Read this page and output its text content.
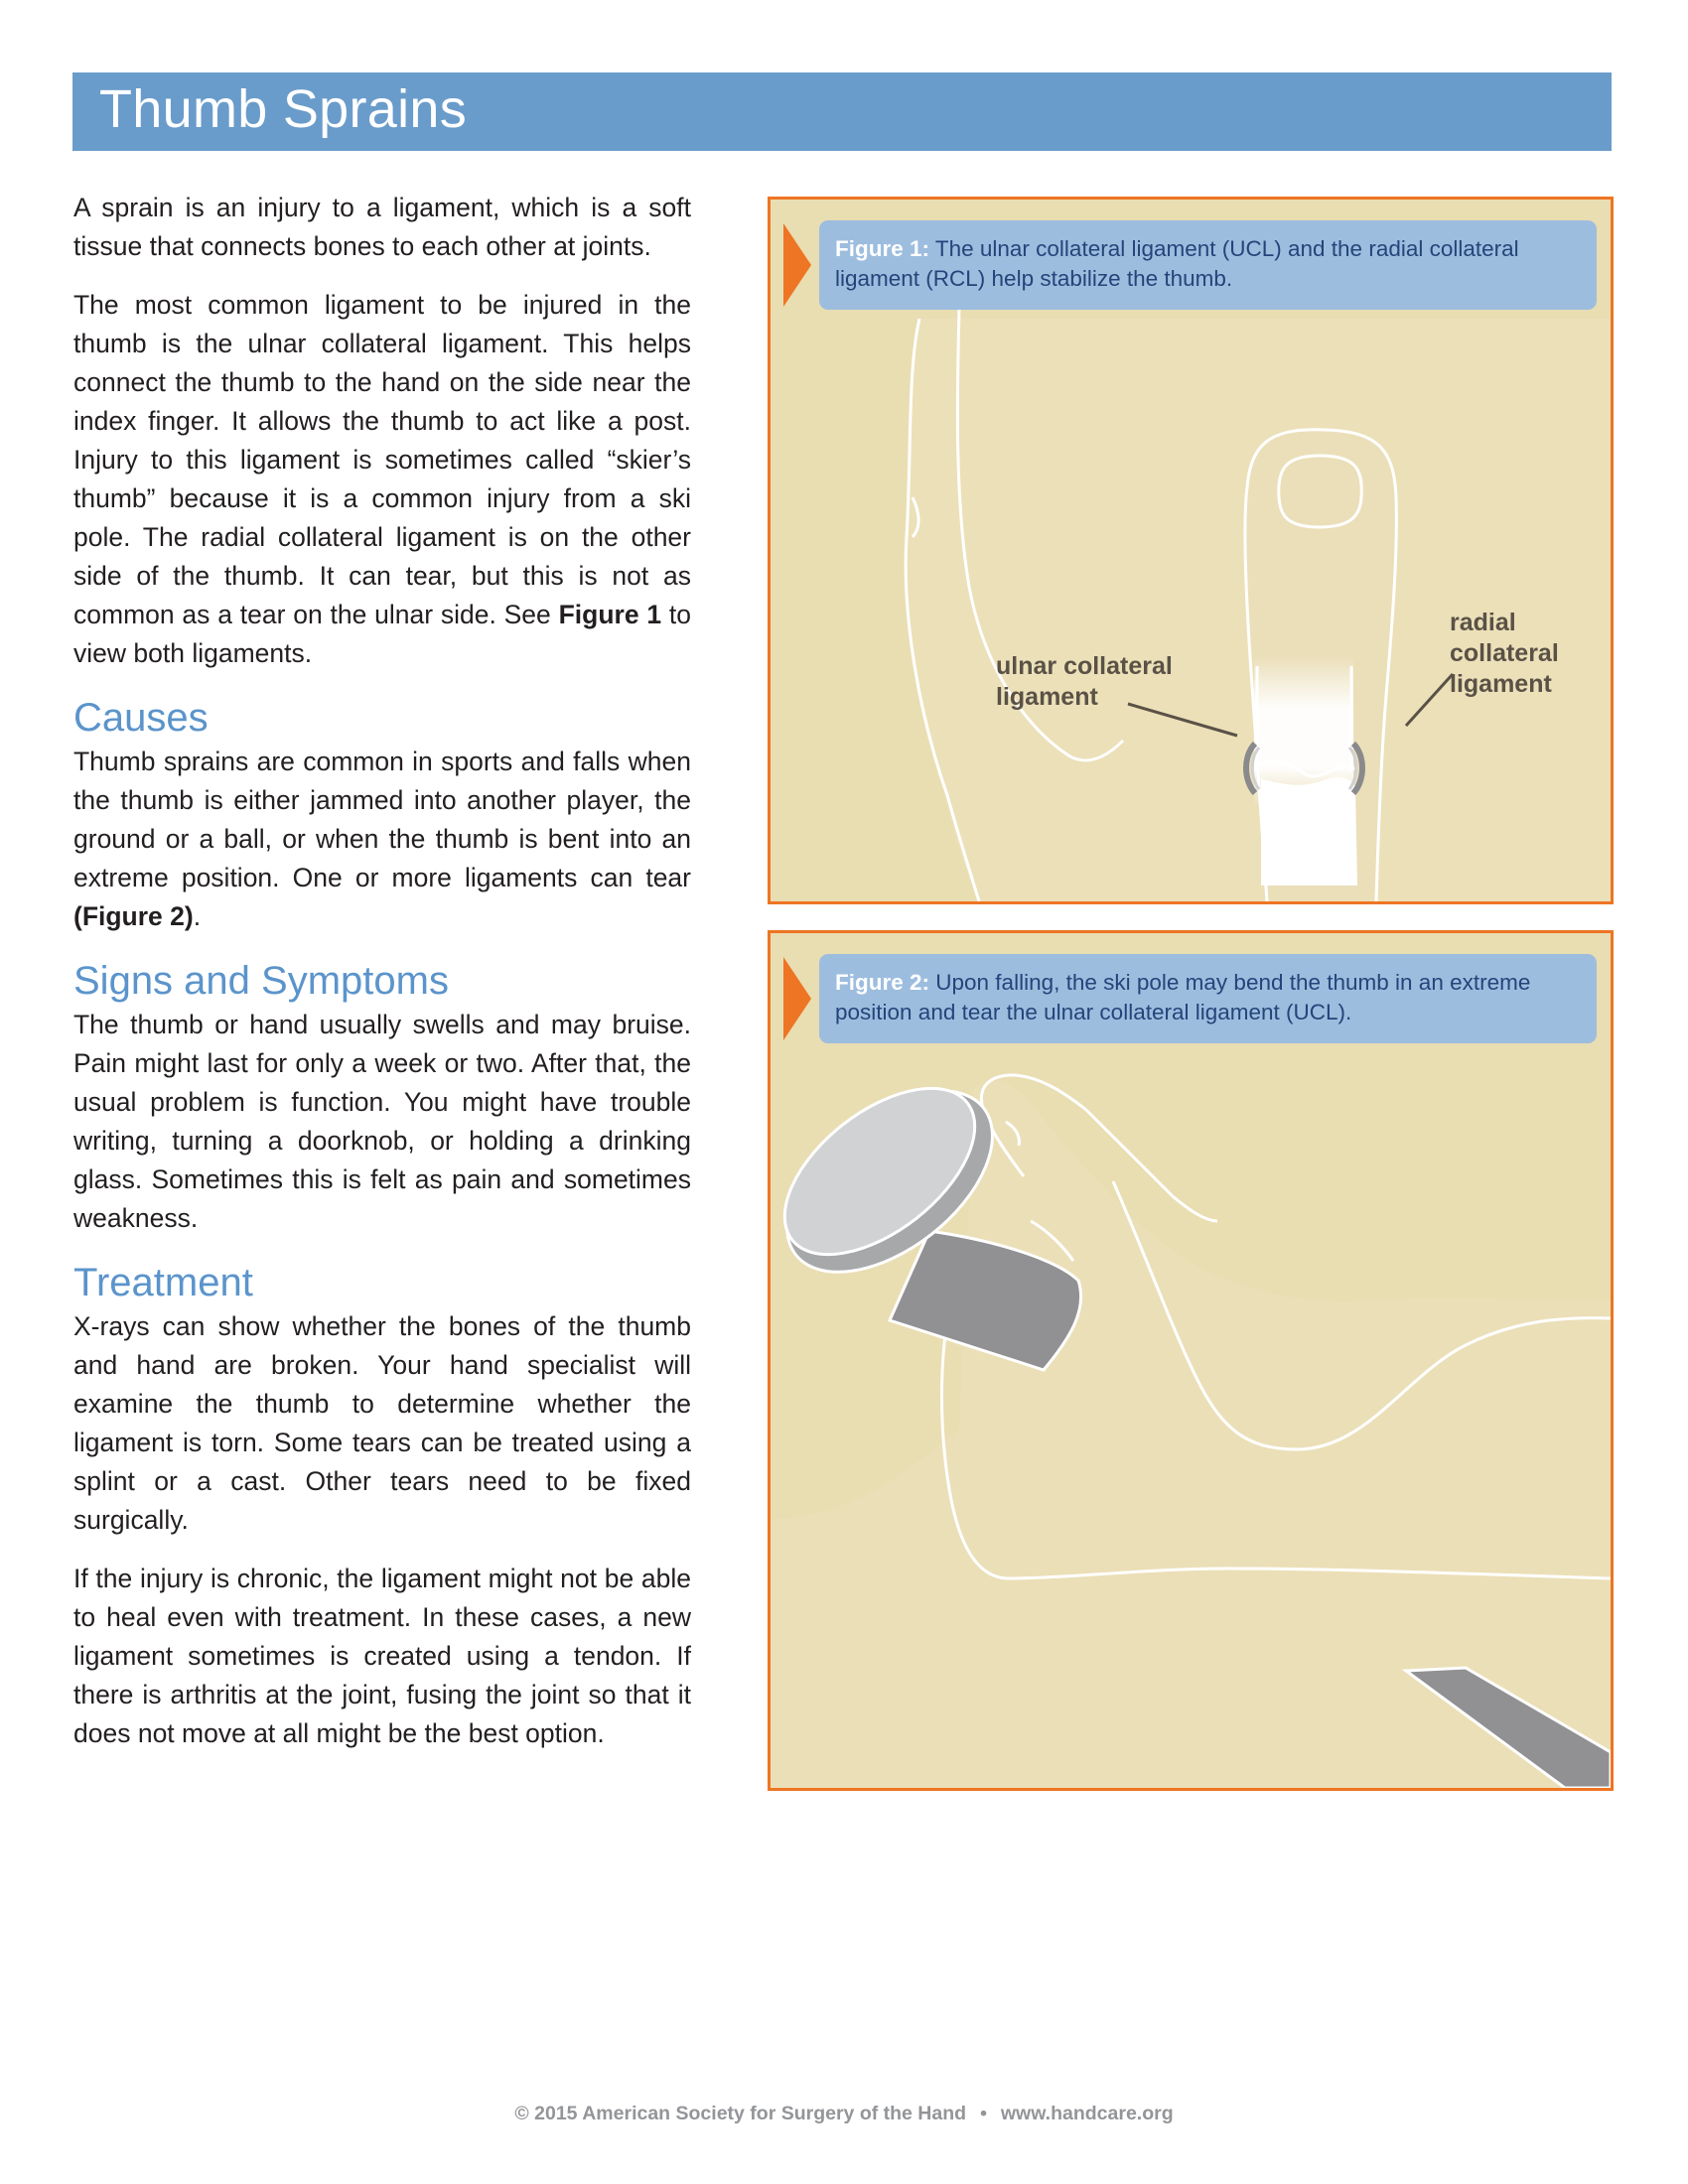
Thumb Sprains

A sprain is an injury to a ligament, which is a soft tissue that connects bones to each other at joints.

The most common ligament to be injured in the thumb is the ulnar collateral ligament. This helps connect the thumb to the hand on the side near the index finger. It allows the thumb to act like a post. Injury to this ligament is sometimes called “skier’s thumb” because it is a common injury from a ski pole. The radial collateral ligament is on the other side of the thumb. It can tear, but this is not as common as a tear on the ulnar side. See Figure 1 to view both ligaments.

Causes

Thumb sprains are common in sports and falls when the thumb is either jammed into another player, the ground or a ball, or when the thumb is bent into an extreme position. One or more ligaments can tear (Figure 2).

Signs and Symptoms

The thumb or hand usually swells and may bruise. Pain might last for only a week or two. After that, the usual problem is function. You might have trouble writing, turning a doorknob, or holding a drinking glass. Sometimes this is felt as pain and sometimes weakness.

Treatment

X-rays can show whether the bones of the thumb and hand are broken. Your hand specialist will examine the thumb to determine whether the ligament is torn. Some tears can be treated using a splint or a cast. Other tears need to be fixed surgically.

If the injury is chronic, the ligament might not be able to heal even with treatment. In these cases, a new ligament sometimes is created using a tendon. If there is arthritis at the joint, fusing the joint so that it does not move at all might be the best option.

Figure 1: The ulnar collateral ligament (UCL) and the radial collateral ligament (RCL) help stabilize the thumb.
ulnar collateral
ligament
radial
collateral
ligament
Figure 2: Upon falling, the ski pole may bend the thumb in an extreme position and tear the ulnar collateral ligament (UCL).
© 2015 American Society for Surgery of the Hand • www.handcare.org
